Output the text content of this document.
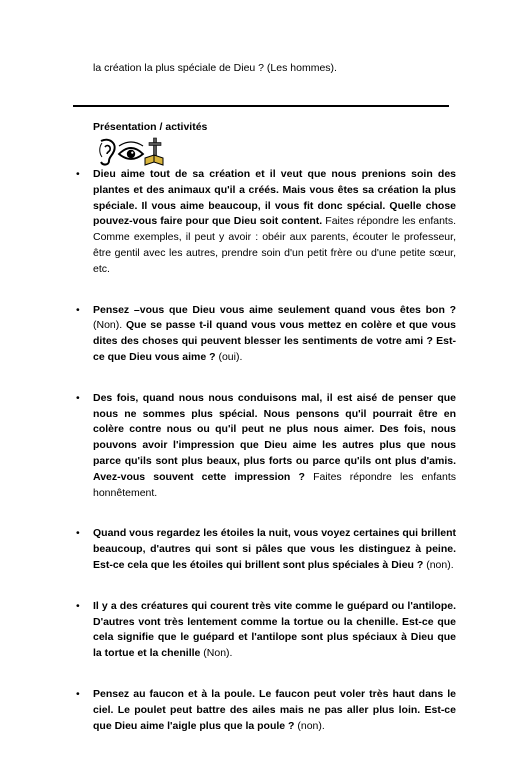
la création la plus spéciale de Dieu ? (Les hommes).
Présentation / activités
• Dieu aime tout de sa création et il veut que nous prenions soin des plantes et des animaux qu'il a créés. Mais vous êtes sa création la plus spéciale. Il vous aime beaucoup, il vous fit donc spécial. Quelle chose pouvez-vous faire pour que Dieu soit content. Faites répondre les enfants. Comme exemples, il peut y avoir : obéir aux parents, écouter le professeur, être gentil avec les autres, prendre soin d'un petit frère ou d'une petite sœur, etc.
• Pensez –vous que Dieu vous aime seulement quand vous êtes bon ? (Non). Que se passe t-il quand vous vous mettez en colère et que vous dites des choses qui peuvent blesser les sentiments de votre ami ? Est-ce que Dieu vous aime ? (oui).
• Des fois, quand nous nous conduisons mal, il est aisé de penser que nous ne sommes plus spécial. Nous pensons qu'il pourrait être en colère contre nous ou qu'il peut ne plus nous aimer. Des fois, nous pouvons avoir l'impression que Dieu aime les autres plus que nous parce qu'ils sont plus beaux, plus forts ou parce qu'ils ont plus d'amis. Avez-vous souvent cette impression ? Faites répondre les enfants honnêtement.
• Quand vous regardez les étoiles la nuit, vous voyez certaines qui brillent beaucoup, d'autres qui sont si pâles que vous les distinguez à peine. Est-ce cela que les étoiles qui brillent sont plus spéciales à Dieu ? (non).
• Il y a des créatures qui courent très vite comme le guépard ou l'antilope. D'autres vont très lentement comme la tortue ou la chenille. Est-ce que cela signifie que le guépard et l'antilope sont plus spéciaux à Dieu que la tortue et la chenille (Non).
• Pensez au faucon et à la poule. Le faucon peut voler très haut dans le ciel. Le poulet peut battre des ailes mais ne pas aller plus loin. Est-ce que Dieu aime l'aigle plus que la poule ? (non).
